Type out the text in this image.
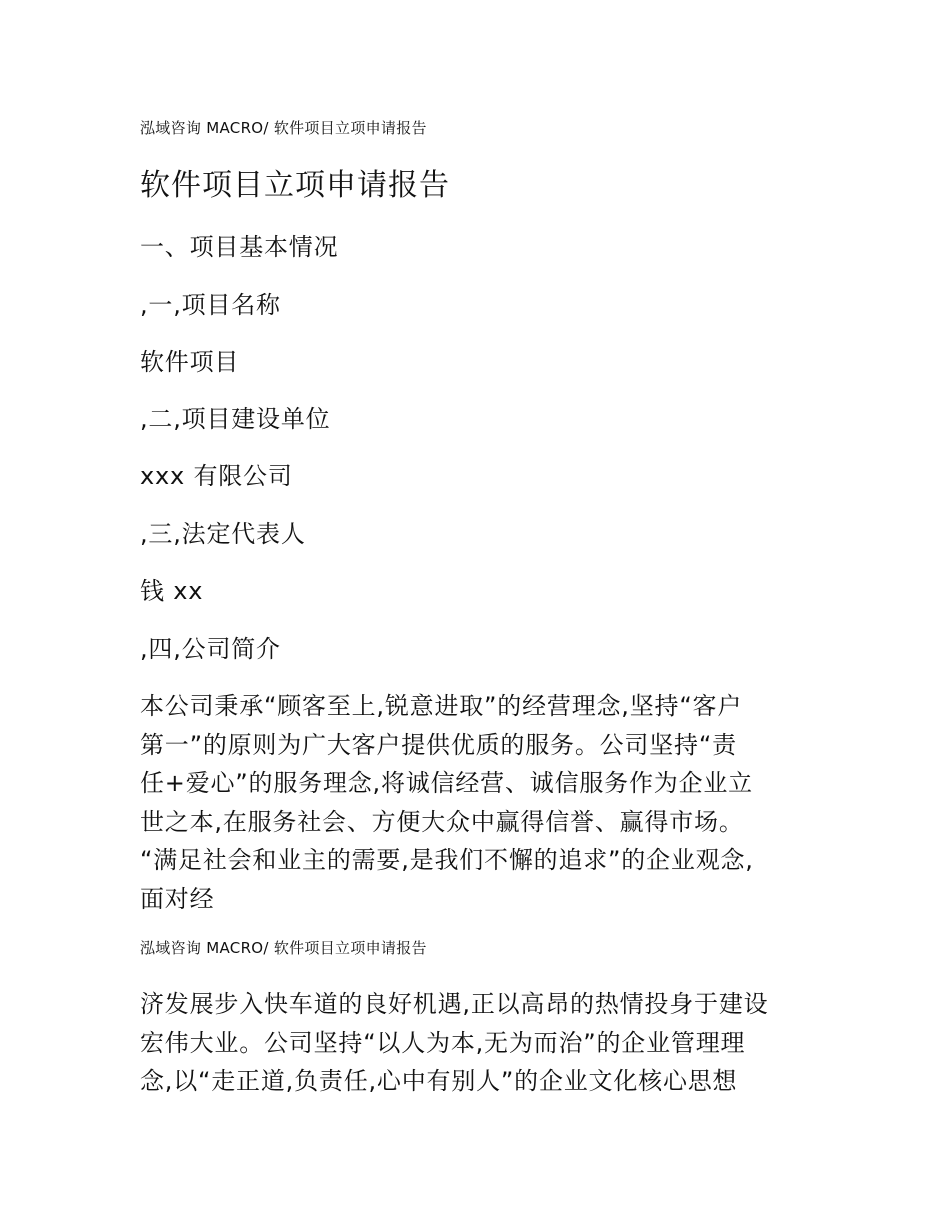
泓域咨询 MACRO/ 软件项目立项申请报告
软件项目立项申请报告
一、项目基本情况
,一,项目名称
软件项目
,二,项目建设单位
xxx 有限公司
,三,法定代表人
钱 xx
,四,公司简介
本公司秉承“顾客至上,锐意进取”的经营理念,坚持“客户
第一”的原则为广大客户提供优质的服务。公司坚持“责
任+爱心”的服务理念,将诚信经营、诚信服务作为企业立
世之本,在服务社会、方便大众中赢得信誉、赢得市场。
“满足社会和业主的需要,是我们不懈的追求”的企业观念,
面对经
泓域咨询 MACRO/ 软件项目立项申请报告
济发展步入快车道的良好机遇,正以高昂的热情投身于建设
宏伟大业。公司坚持“以人为本,无为而治”的企业管理理
念,以“走正道,负责任,心中有别人”的企业文化核心思想
